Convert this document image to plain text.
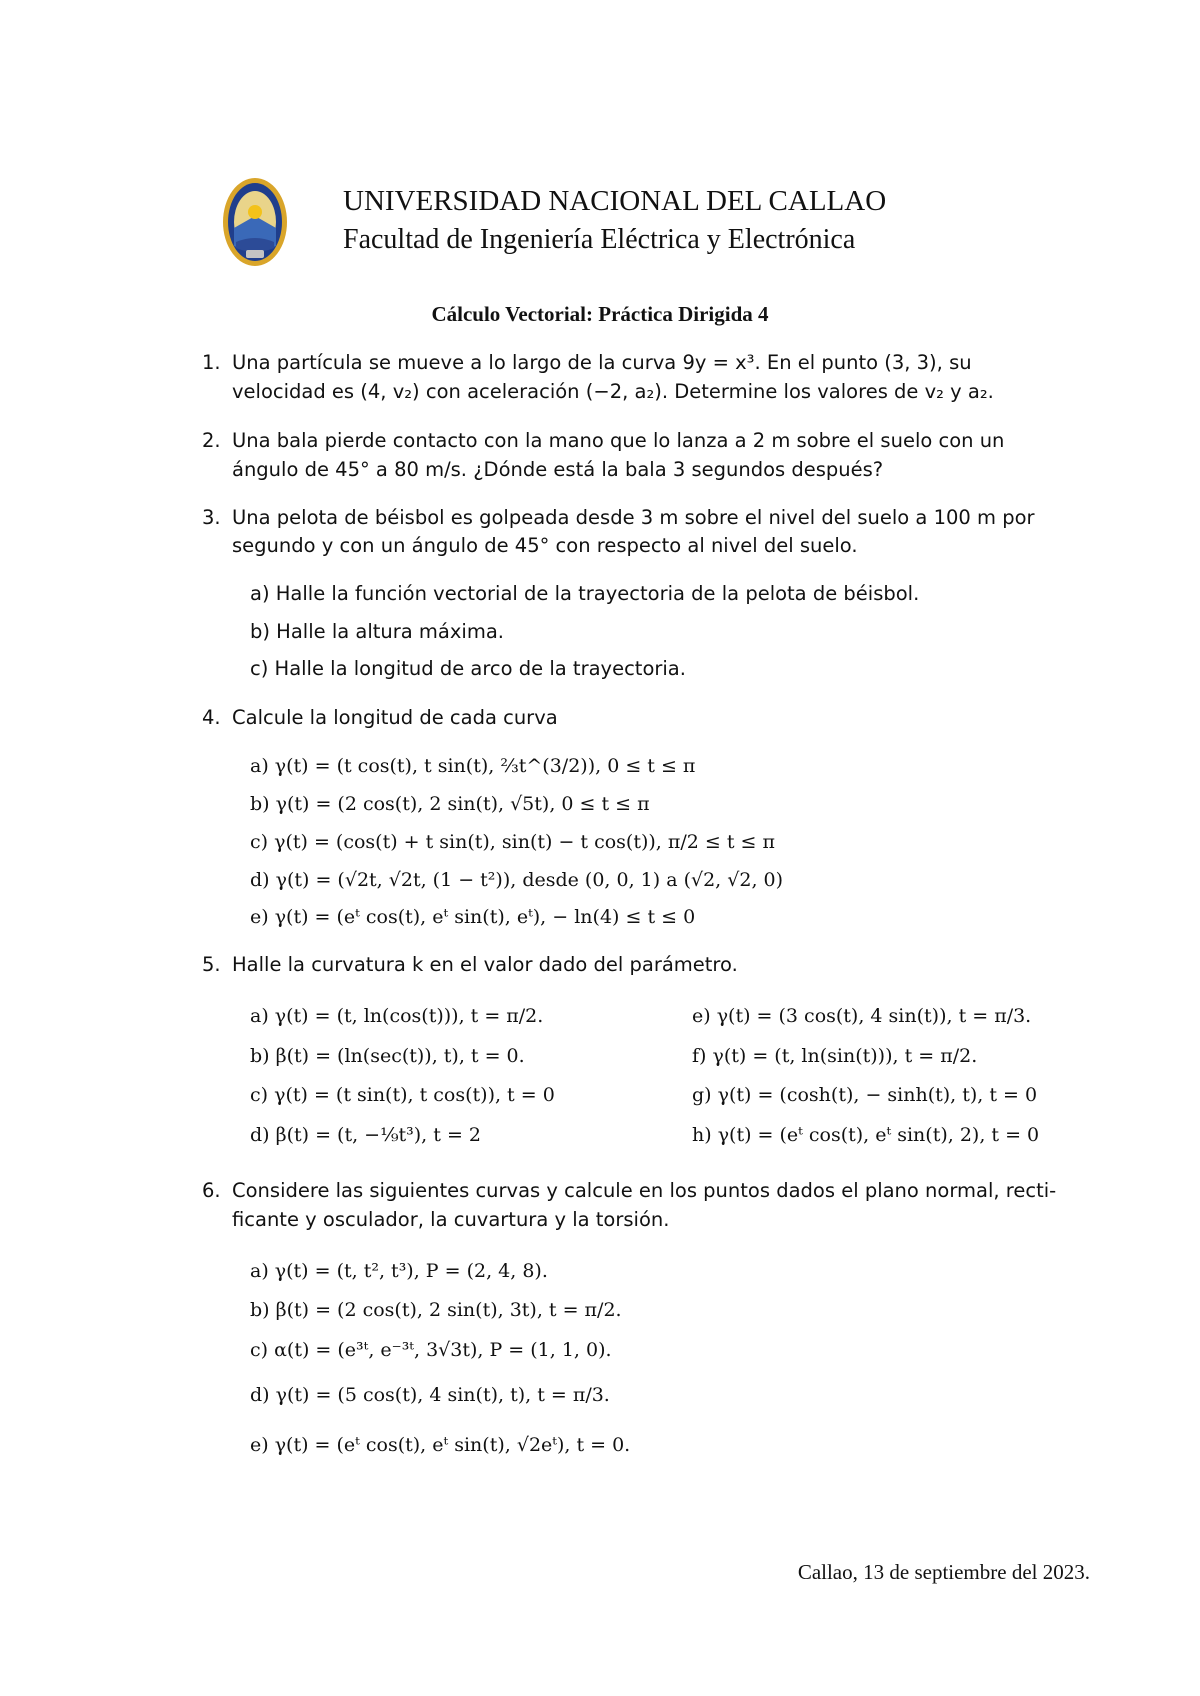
UNIVERSIDAD NACIONAL DEL CALLAO
Facultad de Ingeniería Eléctrica y Electrónica
Cálculo Vectorial: Práctica Dirigida 4
1. Una partícula se mueve a lo largo de la curva 9y = x³. En el punto (3, 3), su
velocidad es (4, v₂) con aceleración (−2, a₂). Determine los valores de v₂ y a₂.
2. Una bala pierde contacto con la mano que lo lanza a 2 m sobre el suelo con un
ángulo de 45° a 80 m/s. ¿Dónde está la bala 3 segundos después?
3. Una pelota de béisbol es golpeada desde 3 m sobre el nivel del suelo a 100 m por
segundo y con un ángulo de 45° con respecto al nivel del suelo.
a) Halle la función vectorial de la trayectoria de la pelota de béisbol.
b) Halle la altura máxima.
c) Halle la longitud de arco de la trayectoria.
4. Calcule la longitud de cada curva
a) γ(t) = (t cos(t), t sin(t), ⅔t^(3/2)), 0 ≤ t ≤ π
b) γ(t) = (2 cos(t), 2 sin(t), √5t), 0 ≤ t ≤ π
c) γ(t) = (cos(t) + t sin(t), sin(t) − t cos(t)), π/2 ≤ t ≤ π
d) γ(t) = (√2t, √2t, (1 − t²)), desde (0, 0, 1) a (√2, √2, 0)
e) γ(t) = (eᵗ cos(t), eᵗ sin(t), eᵗ), − ln(4) ≤ t ≤ 0
5. Halle la curvatura k en el valor dado del parámetro.
a) γ(t) = (t, ln(cos(t))), t = π/2.
b) β(t) = (ln(sec(t)), t), t = 0.
c) γ(t) = (t sin(t), t cos(t)), t = 0
d) β(t) = (t, −⅑t³), t = 2
e) γ(t) = (3 cos(t), 4 sin(t)), t = π/3.
f) γ(t) = (t, ln(sin(t))), t = π/2.
g) γ(t) = (cosh(t), − sinh(t), t), t = 0
h) γ(t) = (eᵗ cos(t), eᵗ sin(t), 2), t = 0
6. Considere las siguientes curvas y calcule en los puntos dados el plano normal, recti-
ficante y osculador, la cuvartura y la torsión.
a) γ(t) = (t, t², t³), P = (2, 4, 8).
b) β(t) = (2 cos(t), 2 sin(t), 3t), t = π/2.
c) α(t) = (e³ᵗ, e⁻³ᵗ, 3√3t), P = (1, 1, 0).
d) γ(t) = (5 cos(t), 4 sin(t), t), t = π/3.
e) γ(t) = (eᵗ cos(t), eᵗ sin(t), √2eᵗ), t = 0.
Callao, 13 de septiembre del 2023.
